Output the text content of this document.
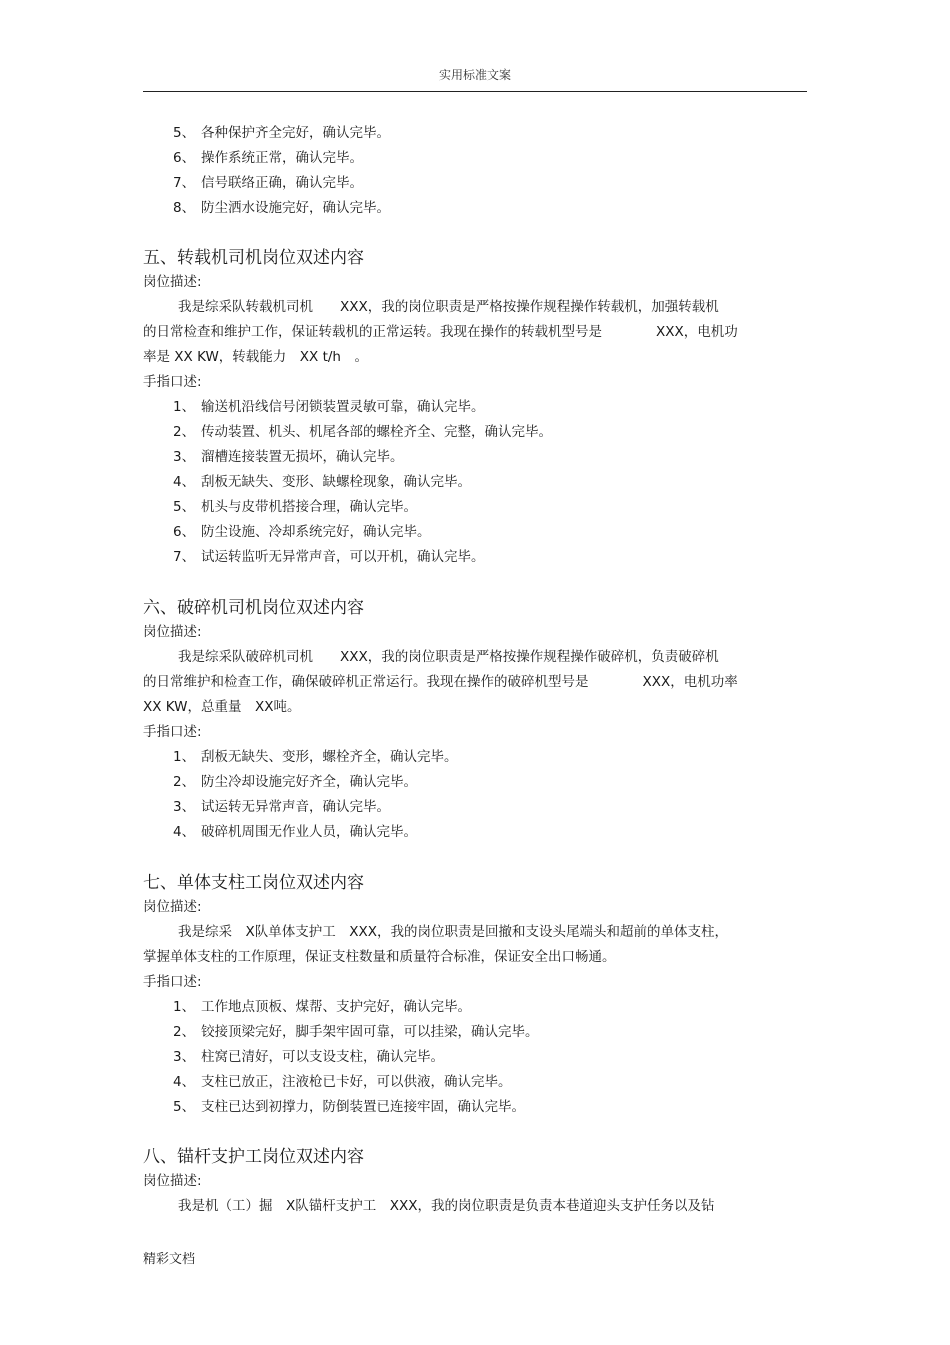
实用标准文案
5、 各种保护齐全完好，确认完毕。
6、 操作系统正常，确认完毕。
7、 信号联络正确，确认完毕。
8、 防尘洒水设施完好，确认完毕。
五、转载机司机岗位双述内容
岗位描述:
我是综采队转载机司机　　XXX，我的岗位职责是严格按操作规程操作转载机，加强转载机
的日常检查和维护工作，保证转载机的正常运转。我现在操作的转载机型号是　　　　XXX，电机功
率是 XX KW，转载能力　XX t/h　。
手指口述:
1、 输送机沿线信号闭锁装置灵敏可靠，确认完毕。
2、 传动装置、机头、机尾各部的螺栓齐全、完整，确认完毕。
3、 溜槽连接装置无损坏，确认完毕。
4、 刮板无缺失、变形、缺螺栓现象，确认完毕。
5、 机头与皮带机搭接合理，确认完毕。
6、 防尘设施、冷却系统完好，确认完毕。
7、 试运转监听无异常声音，可以开机，确认完毕。
六、破碎机司机岗位双述内容
岗位描述:
我是综采队破碎机司机　　XXX，我的岗位职责是严格按操作规程操作破碎机，负责破碎机
的日常维护和检查工作，确保破碎机正常运行。我现在操作的破碎机型号是　　　　XXX，电机功率
XX KW，总重量　XX吨。
手指口述:
1、 刮板无缺失、变形，螺栓齐全，确认完毕。
2、 防尘冷却设施完好齐全，确认完毕。
3、 试运转无异常声音，确认完毕。
4、 破碎机周围无作业人员，确认完毕。
七、单体支柱工岗位双述内容
岗位描述:
我是综采　X队单体支护工　XXX，我的岗位职责是回撤和支设头尾端头和超前的单体支柱，
掌握单体支柱的工作原理，保证支柱数量和质量符合标准，保证安全出口畅通。
手指口述:
1、 工作地点顶板、煤帮、支护完好，确认完毕。
2、 铰接顶梁完好，脚手架牢固可靠，可以挂梁，确认完毕。
3、 柱窝已清好，可以支设支柱，确认完毕。
4、 支柱已放正，注液枪已卡好，可以供液，确认完毕。
5、 支柱已达到初撑力，防倒装置已连接牢固，确认完毕。
八、锚杆支护工岗位双述内容
岗位描述:
我是机（工）掘　X队锚杆支护工　XXX，我的岗位职责是负责本巷道迎头支护任务以及钻
精彩文档
